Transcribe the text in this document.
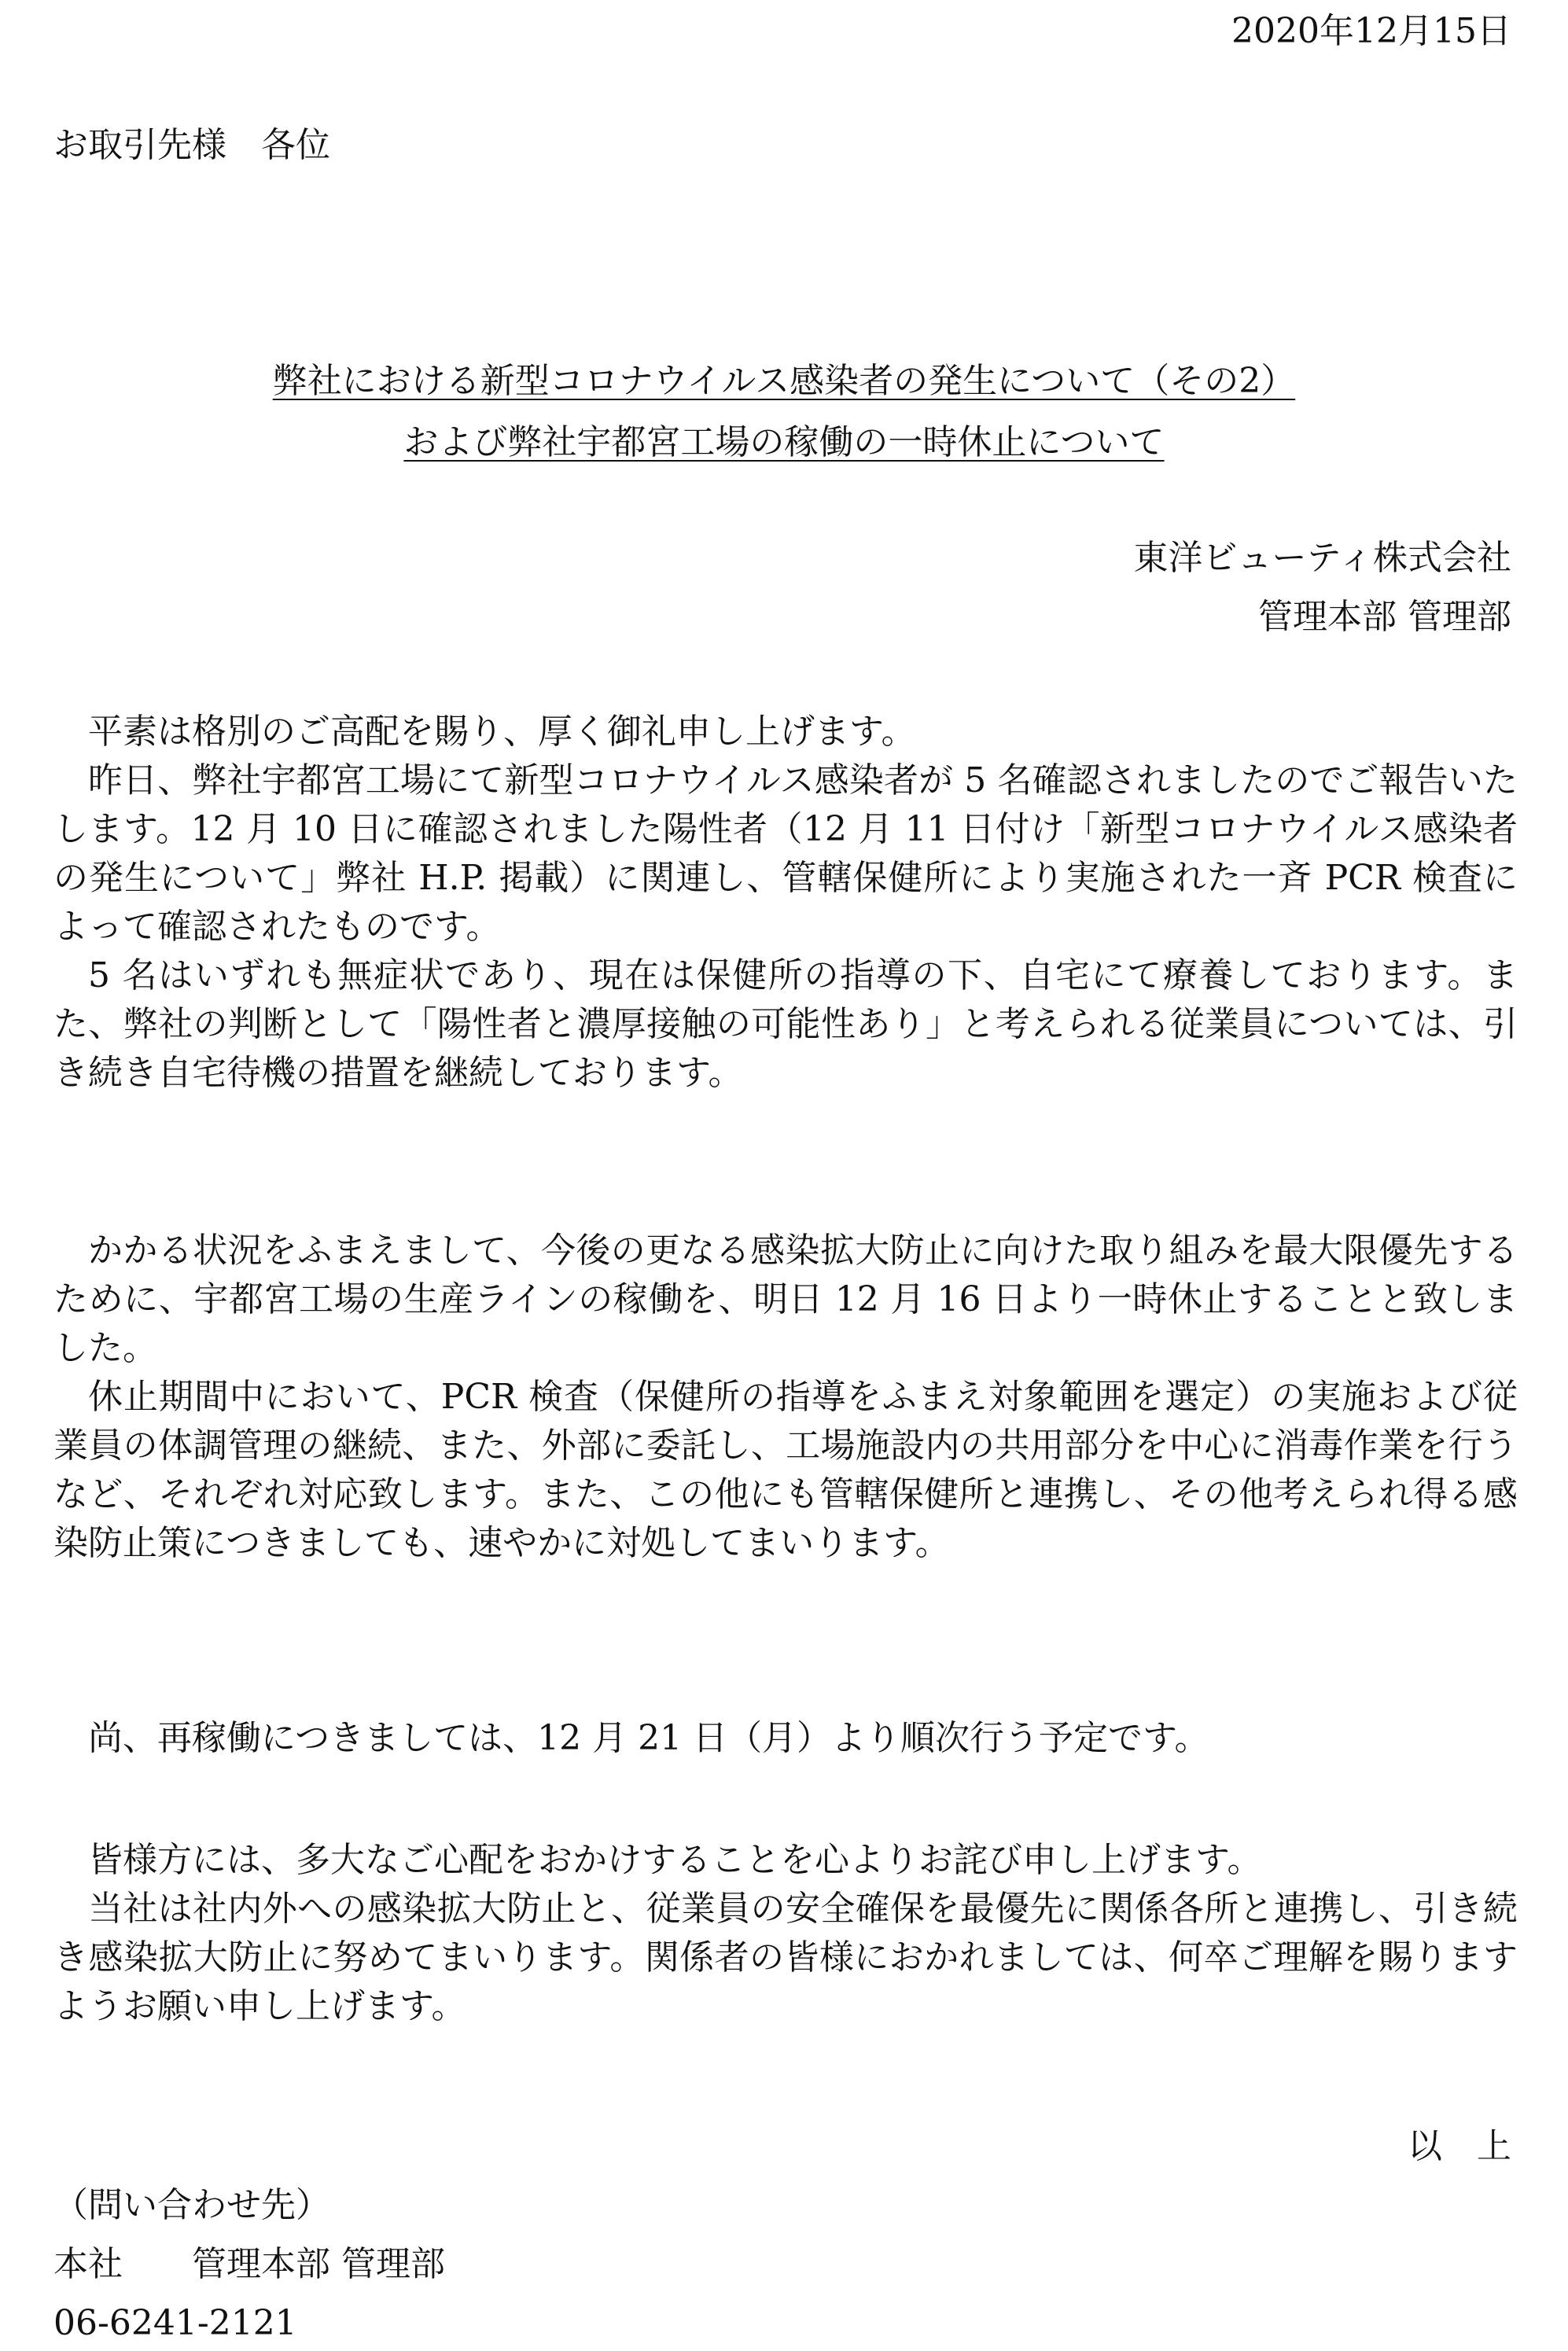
2020年12月15日
お取引先様　各位
弊社における新型コロナウイルス感染者の発生について（その2）
および弊社宇都宮工場の稼働の一時休止について
東洋ビューティ株式会社
管理本部 管理部

平素は格別のご高配を賜り、厚く御礼申し上げます。

昨日、弊社宇都宮工場にて新型コロナウイルス感染者が 5 名確認されましたのでご報告いたします。12 月 10 日に確認されました陽性者（12 月 11 日付け「新型コロナウイルス感染者の発生について」弊社 H.P. 掲載）に関連し、管轄保健所により実施された一斉 PCR 検査によって確認されたものです。

5 名はいずれも無症状であり、現在は保健所の指導の下、自宅にて療養しております。また、弊社の判断として「陽性者と濃厚接触の可能性あり」と考えられる従業員については、引き続き自宅待機の措置を継続しております。

かかる状況をふまえまして、今後の更なる感染拡大防止に向けた取り組みを最大限優先するために、宇都宮工場の生産ラインの稼働を、明日 12 月 16 日より一時休止することと致しました。

休止期間中において、PCR 検査（保健所の指導をふまえ対象範囲を選定）の実施および従業員の体調管理の継続、また、外部に委託し、工場施設内の共用部分を中心に消毒作業を行うなど、それぞれ対応致します。また、この他にも管轄保健所と連携し、その他考えられ得る感染防止策につきましても、速やかに対処してまいります。

尚、再稼働につきましては、12 月 21 日（月）より順次行う予定です。

皆様方には、多大なご心配をおかけすることを心よりお詫び申し上げます。

当社は社内外への感染拡大防止と、従業員の安全確保を最優先に関係各所と連携し、引き続き感染拡大防止に努めてまいります。関係者の皆様におかれましては、何卒ご理解を賜りますようお願い申し上げます。

以　上
（問い合わせ先）
本社　　管理本部 管理部
06-6241-2121
